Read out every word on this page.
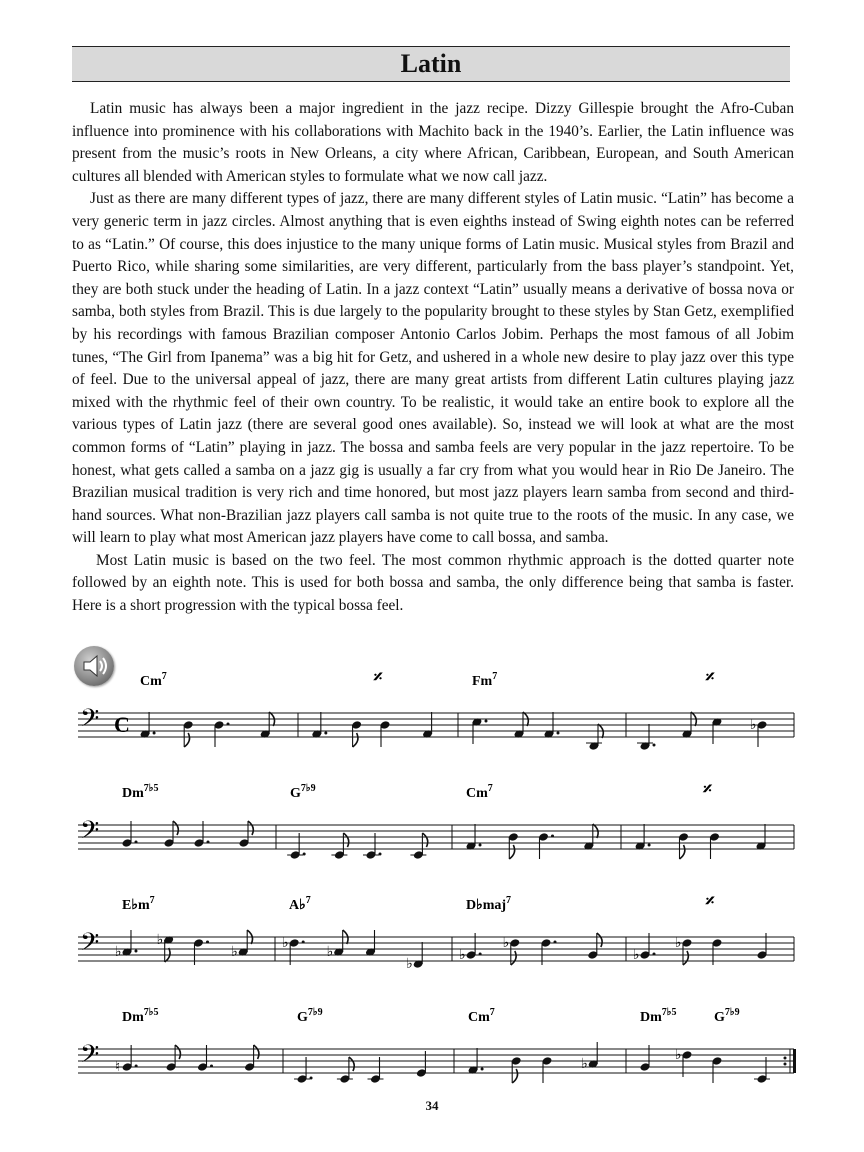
Latin

Latin music has always been a major ingredient in the jazz recipe. Dizzy Gillespie brought the Afro-Cuban influence into prominence with his collaborations with Machito back in the 1940’s. Earlier, the Latin influence was present from the music’s roots in New Orleans, a city where African, Caribbean, European, and South American cultures all blended with American styles to formulate what we now call jazz.

Just as there are many different types of jazz, there are many different styles of Latin music. “Latin” has become a very generic term in jazz circles. Almost anything that is even eighths instead of Swing eighth notes can be referred to as “Latin.” Of course, this does injustice to the many unique forms of Latin music. Musical styles from Brazil and Puerto Rico, while sharing some similarities, are very different, particularly from the bass player’s standpoint. Yet, they are both stuck under the heading of Latin. In a jazz context “Latin” usually means a derivative of bossa nova or samba, both styles from Brazil. This is due largely to the popularity brought to these styles by Stan Getz, exemplified by his recordings with famous Brazilian composer Antonio Carlos Jobim. Perhaps the most famous of all Jobim tunes, “The Girl from Ipanema” was a big hit for Getz, and ushered in a whole new desire to play jazz over this type of feel. Due to the universal appeal of jazz, there are many great artists from different Latin cultures playing jazz mixed with the rhythmic feel of their own country. To be realistic, it would take an entire book to explore all the various types of Latin jazz (there are several good ones available). So, instead we will look at what are the most common forms of “Latin” playing in jazz. The bossa and samba feels are very popular in the jazz repertoire. To be honest, what gets called a samba on a jazz gig is usually a far cry from what you would hear in Rio De Janeiro. The Brazilian musical tradition is very rich and time honored, but most jazz players learn samba from second and third-hand sources. What non-Brazilian jazz players call samba is not quite true to the roots of the music. In any case, we will learn to play what most American jazz players have come to call bossa, and samba.

Most Latin music is based on the two feel. The most common rhythmic approach is the dotted quarter note followed by an eighth note. This is used for both bossa and samba, the only difference being that samba is faster. Here is a short progression with the typical bossa feel.

𝄢 C
Cm$^7$	𝄎	Fm$^7$	𝄎
♭
𝄢
$Dm^{7♭5}$	$G^{7♭9}$	Cm$^7$	𝄎
𝄢
$E♭m^7$
♭
♭
♭
A♭$^7$
♭
♭
♭
D♭maj$^7$
♭
♭
𝄎
♭
♭
𝄢
$Dm^{7♭5}$
♮
$G^{7♭9}$	Cm$^7$
♭
$Dm^{7♭5}$	$G^{7♭9}$
♭
34
